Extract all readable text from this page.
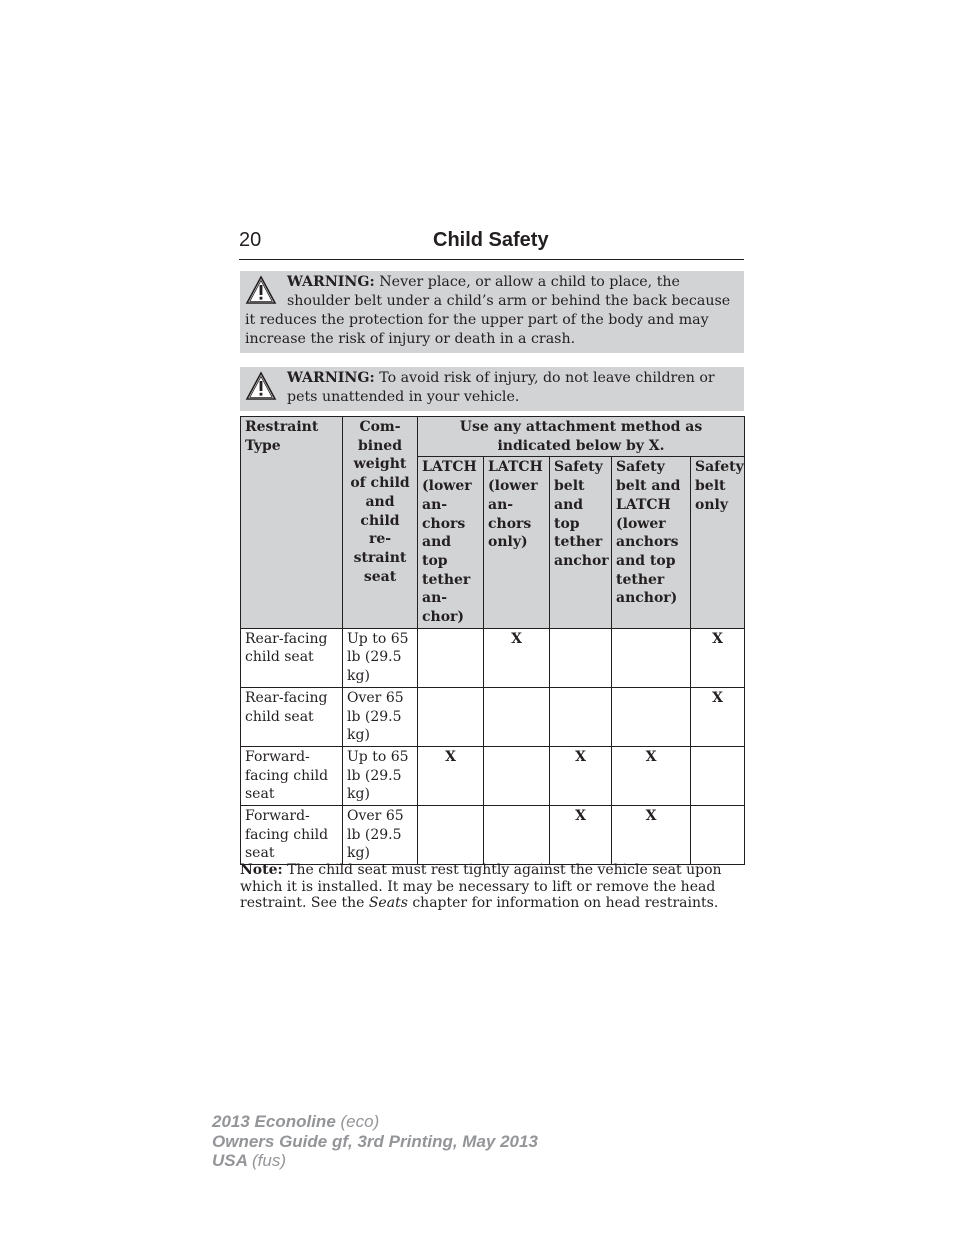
20	Child Safety
WARNING: Never place, or allow a child to place, the shoulder belt under a child’s arm or behind the back because it reduces the protection for the upper part of the body and may increase the risk of injury or death in a crash.
WARNING: To avoid risk of injury, do not leave children or pets unattended in your vehicle.
Restraint Type	Com- bined weight of child and child re- straint seat	Use any attachment method as indicated below by X.				
		LATCH (lower an- chors and top tether an- chor)	LATCH (lower an- chors only)	Safety belt and top tether anchor	Safety belt and LATCH (lower anchors and top tether anchor)	Safety belt only
Rear-facing child seat	Up to 65 lb (29.5 kg)		X			X
Rear-facing child seat	Over 65 lb (29.5 kg)					X
Forward- facing child seat	Up to 65 lb (29.5 kg)	X		X	X	
Forward- facing child seat	Over 65 lb (29.5 kg)			X	X	
Note: The child seat must rest tightly against the vehicle seat upon which it is installed. It may be necessary to lift or remove the head restraint. See the Seats chapter for information on head restraints.
2013 Econoline (eco)
Owners Guide gf, 3rd Printing, May 2013
USA (fus)
